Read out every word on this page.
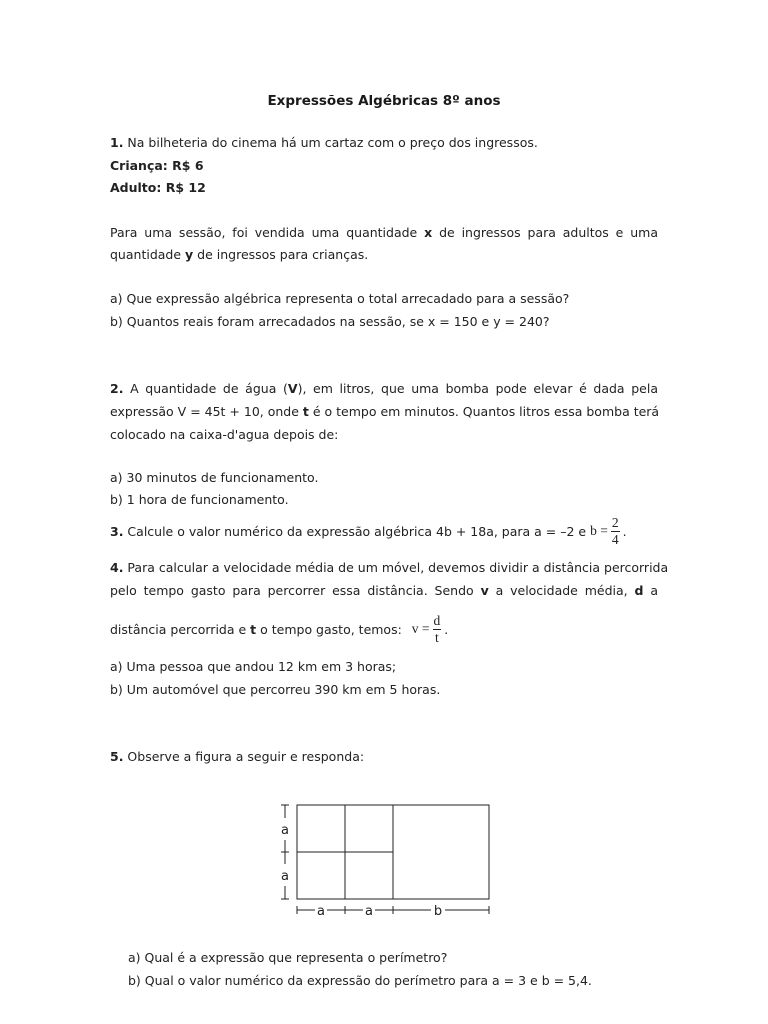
Expressões Algébricas 8º anos
1. Na bilheteria do cinema há um cartaz com o preço dos ingressos.
Criança: R$ 6
Adulto: R$ 12
Para uma sessão, foi vendida uma quantidade x de ingressos para adultos e uma
quantidade y de ingressos para crianças.
a) Que expressão algébrica representa o total arrecadado para a sessão?
b) Quantos reais foram arrecadados na sessão, se x = 150 e y = 240?
2. A quantidade de água (V), em litros, que uma bomba pode elevar é dada pela
expressão V = 45t + 10, onde t é o tempo em minutos. Quantos litros essa bomba terá
colocado na caixa-d'agua depois de:
a) 30 minutos de funcionamento.
b) 1 hora de funcionamento.
3. Calcule o valor numérico da expressão algébrica 4b + 18a, para a = –2 e $b = \frac{2}{4}$ .
4. Para calcular a velocidade média de um móvel, devemos dividir a distância percorrida
pelo tempo gasto para percorrer essa distância. Sendo v a velocidade média, d a
distância percorrida e t o tempo gasto, temos: $v = \frac{d}{t}$ .
a) Uma pessoa que andou 12 km em 3 horas;
b) Um automóvel que percorreu 390 km em 5 horas.
5. Observe a figura a seguir e responda:
a
a
a	a	b
a) Qual é a expressão que representa o perímetro?
b) Qual o valor numérico da expressão do perímetro para a = 3 e b = 5,4.
